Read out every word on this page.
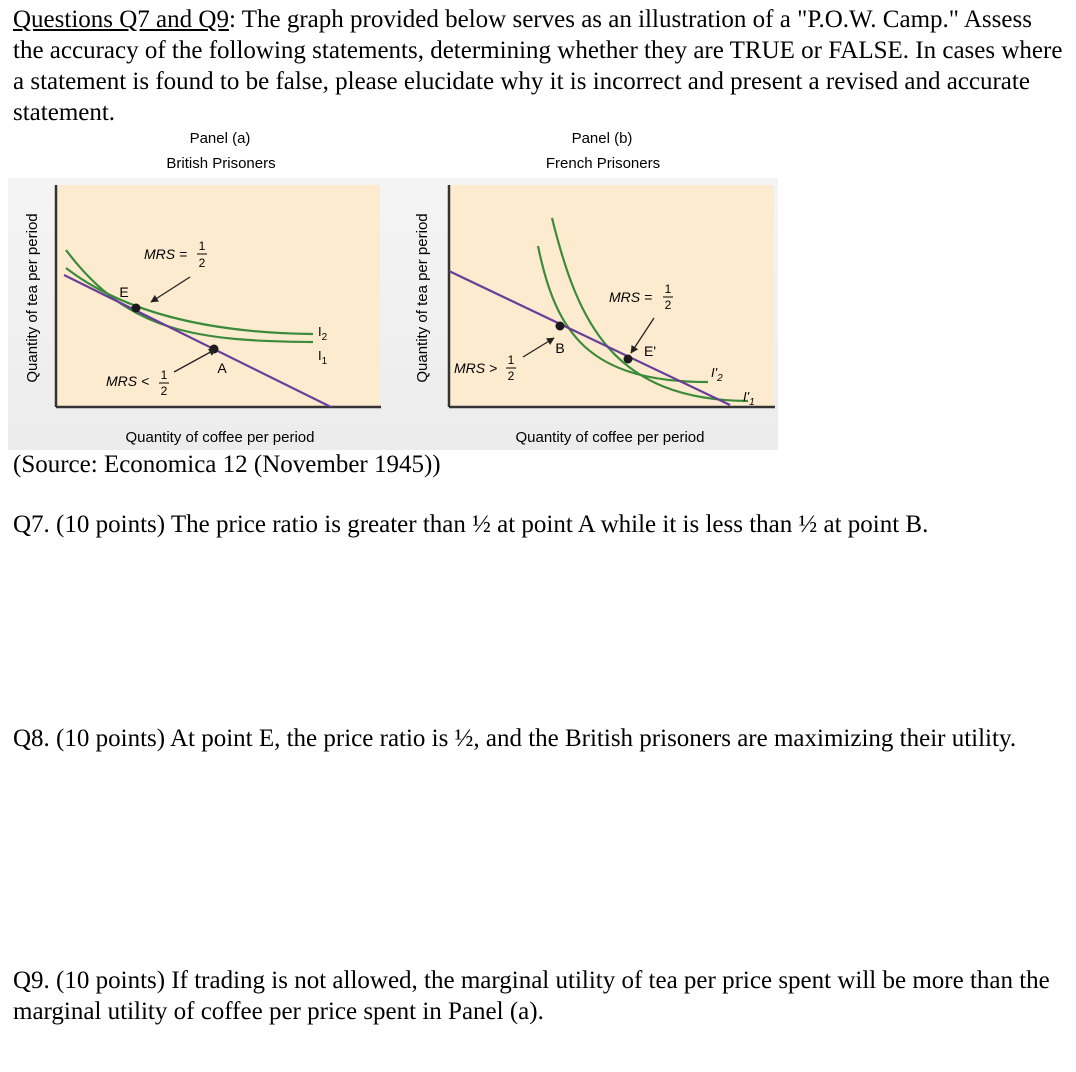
Questions Q7 and Q9: The graph provided below serves as an illustration of a "P.O.W. Camp." Assess the accuracy of the following statements, determining whether they are TRUE or FALSE. In cases where a statement is found to be false, please elucidate why it is incorrect and present a revised and accurate statement.
Panel (a)
British Prisoners
Quantity of tea per period
Quantity of coffee per period
E
A
$I_2$
$I_1$
MRS = 1
2
MRS < 1
2
Panel (b)
French Prisoners
Quantity of tea per period
Quantity of coffee per period
B	E'
$I'_2$
$I'_1$
MRS = 1
2
MRS > 1
2
(Source: Economica 12 (November 1945))
Q7. (10 points) The price ratio is greater than ½ at point A while it is less than ½ at point B.
Q8. (10 points) At point E, the price ratio is ½, and the British prisoners are maximizing their utility.
Q9. (10 points) If trading is not allowed, the marginal utility of tea per price spent will be more than the marginal utility of coffee per price spent in Panel (a).
